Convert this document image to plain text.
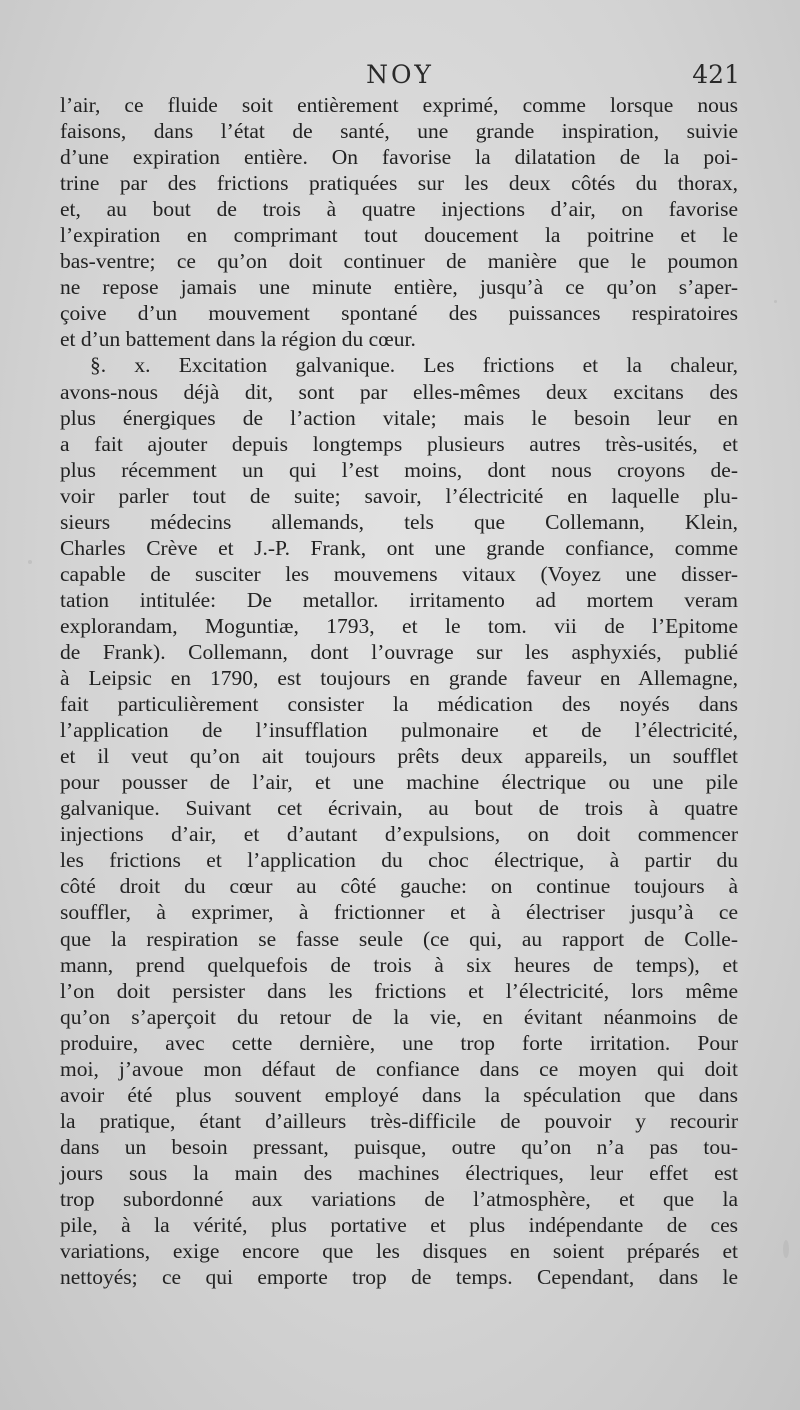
NOY	421
l’air, ce fluide soit entièrement exprimé, comme lorsque nous
faisons, dans l’état de santé, une grande inspiration, suivie
d’une expiration entière. On favorise la dilatation de la poi-
trine par des frictions pratiquées sur les deux côtés du thorax,
et, au bout de trois à quatre injections d’air, on favorise
l’expiration en comprimant tout doucement la poitrine et le
bas-ventre; ce qu’on doit continuer de manière que le poumon
ne repose jamais une minute entière, jusqu’à ce qu’on s’aper-
çoive d’un mouvement spontané des puissances respiratoires
et d’un battement dans la région du cœur.
§. x. Excitation galvanique. Les frictions et la chaleur,
avons-nous déjà dit, sont par elles-mêmes deux excitans des
plus énergiques de l’action vitale; mais le besoin leur en
a fait ajouter depuis longtemps plusieurs autres très-usités, et
plus récemment un qui l’est moins, dont nous croyons de-
voir parler tout de suite; savoir, l’électricité en laquelle plu-
sieurs médecins allemands, tels que Collemann, Klein,
Charles Crève et J.-P. Frank, ont une grande confiance, comme
capable de susciter les mouvemens vitaux (Voyez une disser-
tation intitulée: De metallor. irritamento ad mortem veram
explorandam, Moguntiæ, 1793, et le tom. vii de l’Epitome
de Frank). Collemann, dont l’ouvrage sur les asphyxiés, publié
à Leipsic en 1790, est toujours en grande faveur en Allemagne,
fait particulièrement consister la médication des noyés dans
l’application de l’insufflation pulmonaire et de l’électricité,
et il veut qu’on ait toujours prêts deux appareils, un soufflet
pour pousser de l’air, et une machine électrique ou une pile
galvanique. Suivant cet écrivain, au bout de trois à quatre
injections d’air, et d’autant d’expulsions, on doit commencer
les frictions et l’application du choc électrique, à partir du
côté droit du cœur au côté gauche: on continue toujours à
souffler, à exprimer, à frictionner et à électriser jusqu’à ce
que la respiration se fasse seule (ce qui, au rapport de Colle-
mann, prend quelquefois de trois à six heures de temps), et
l’on doit persister dans les frictions et l’électricité, lors même
qu’on s’aperçoit du retour de la vie, en évitant néanmoins de
produire, avec cette dernière, une trop forte irritation. Pour
moi, j’avoue mon défaut de confiance dans ce moyen qui doit
avoir été plus souvent employé dans la spéculation que dans
la pratique, étant d’ailleurs très-difficile de pouvoir y recourir
dans un besoin pressant, puisque, outre qu’on n’a pas tou-
jours sous la main des machines électriques, leur effet est
trop subordonné aux variations de l’atmosphère, et que la
pile, à la vérité, plus portative et plus indépendante de ces
variations, exige encore que les disques en soient préparés et
nettoyés; ce qui emporte trop de temps. Cependant, dans le
